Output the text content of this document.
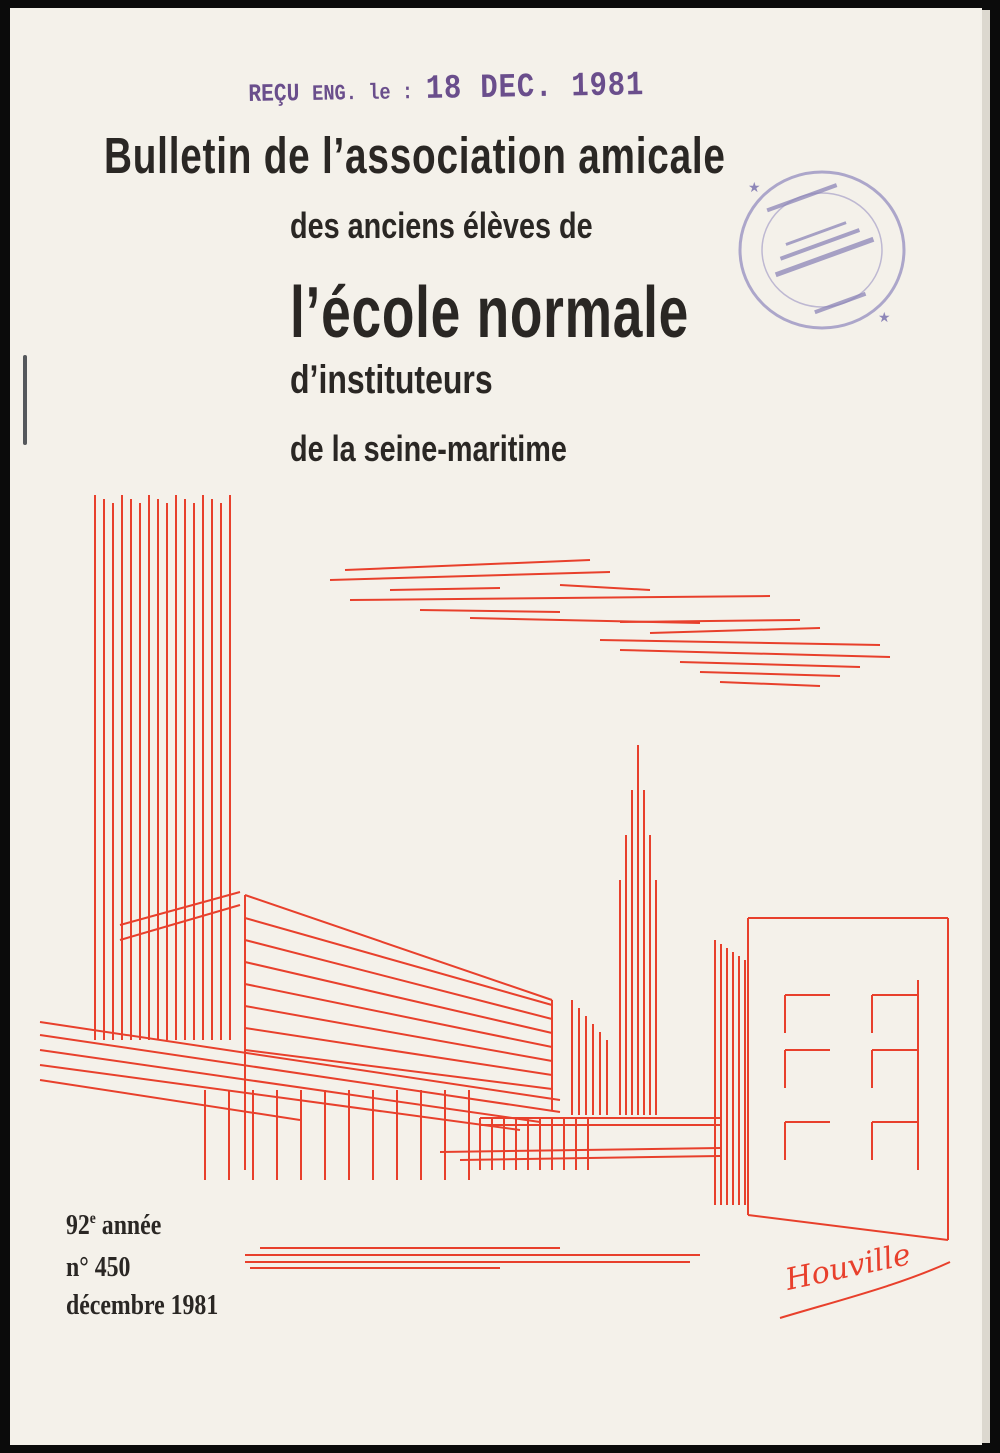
Houville
★
★
REÇU ENG. le : 18 DEC. 1981
Bulletin de l’association amicale
des anciens élèves de
l’école normale
d’instituteurs
de la seine-maritime
92e année
n° 450
décembre 1981
